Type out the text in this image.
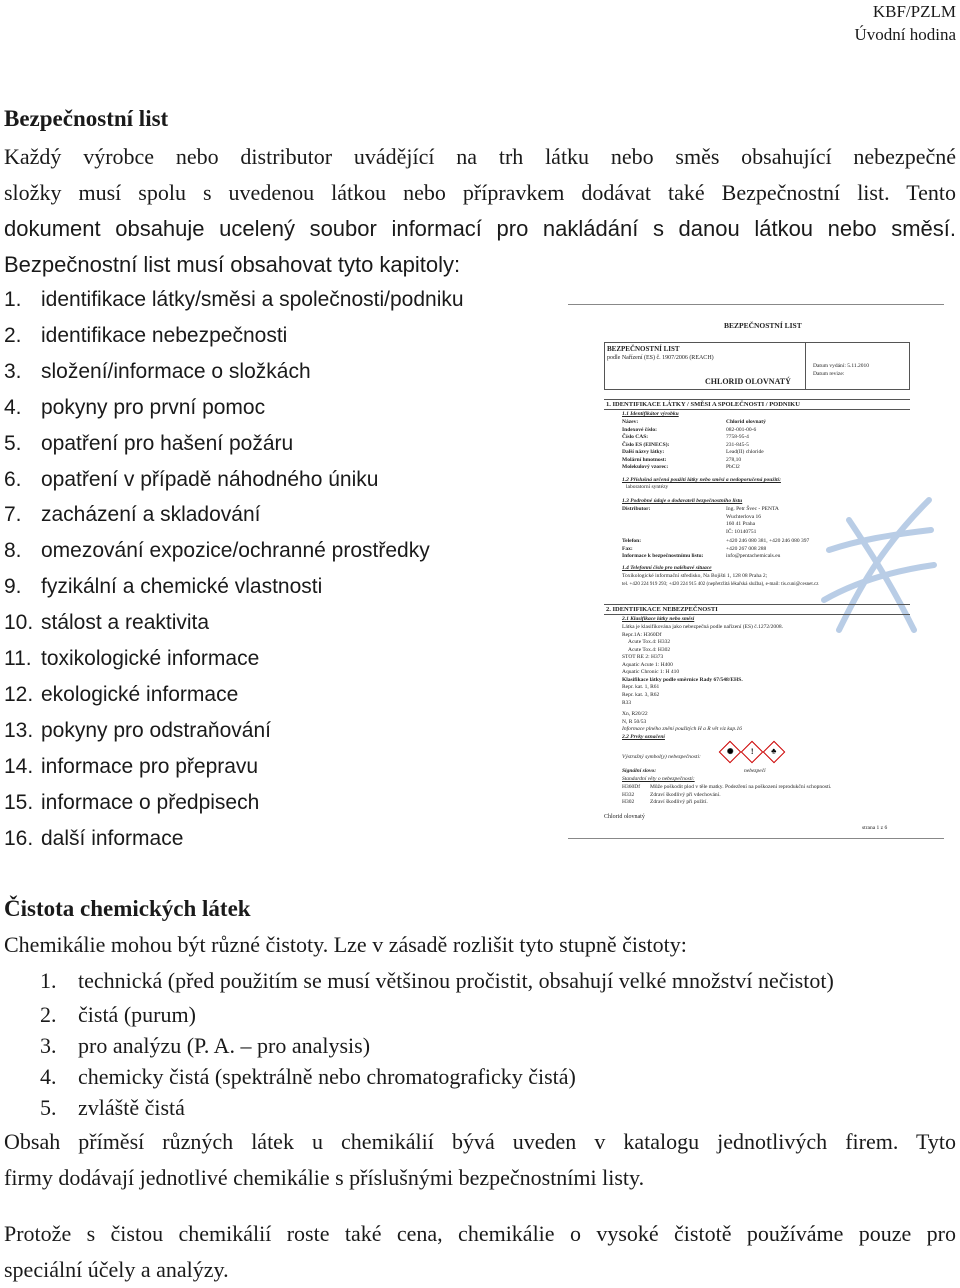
KBF/PZLM
Úvodní hodina
Bezpečnostní list
Každý výrobce nebo distributor uvádějící na trh látku nebo směs obsahující nebezpečné
složky musí spolu s uvedenou látkou nebo přípravkem dodávat také Bezpečnostní list. Tento
dokument obsahuje ucelený soubor informací pro nakládání s danou látkou nebo směsí.
Bezpečnostní list musí obsahovat tyto kapitoly:
1. identifikace látky/směsi a společnosti/podniku
2. identifikace nebezpečnosti
3. složení/informace o složkách
4. pokyny pro první pomoc
5. opatření pro hašení požáru
6. opatření v případě náhodného úniku
7. zacházení a skladování
8. omezování expozice/ochranné prostředky
9. fyzikální a chemické vlastnosti
10. stálost a reaktivita
11. toxikologické informace
12. ekologické informace
13. pokyny pro odstraňování
14. informace pro přepravu
15. informace o předpisech
16. další informace
BEZPEČNOSTNÍ LIST
BEZPEČNOSTNÍ LIST
podle Nařízení (ES) č. 1907/2006 (REACH)
Datum vydání: 5.11.2010
Datum revize:
CHLORID OLOVNATÝ
1. IDENTIFIKACE LÁTKY / SMĚSI A SPOLEČNOSTI / PODNIKU
1.1 Identifikátor výrobku
Název:	Chlorid olovnatý
Indexové číslo:	082-001-00-6
Číslo CAS:	7758-95-4
Číslo ES (EINECS):	231-845-5
Další názvy látky:	Lead(II) chloride
Molární hmotnost:	278,10
Molekulový vzorec:	PbCl2
1.2 Příslušná určená použití látky nebo směsi a nedoporučená použití:
laboratorní syntézy
1.3 Podrobné údaje o dodavateli bezpečnostního listu
Distributor:	Ing. Petr Švec - PENTA
Wuchterlova 16
160 41 Praha
IČ: 10140751
Telefon:	+420 246 080 381, +420 246 080 397
Fax:	+420 267 008 288
Informace k bezpečnostnímu listu:	info@pentachemicals.eu
1.4 Telefonní číslo pro naléhavé situace
Toxikologické informační středisko, Na Bojišti 1, 128 08 Praha 2;
tel. +420 224 919 293; +420 224 915 402 (nepřetržitá lékařská služba), e-mail: tis.cuni@cesnet.cz
2. IDENTIFIKACE NEBEZPEČNOSTI
2.1 Klasifikace látky nebo směsi
Látka je klasifikována jako nebezpečná podle nařízení (ES) č.1272/2008.
Repr.1A: H360Df
Acute Tox.4: H332
Acute Tox.4: H302
STOT RE 2: H373
Aquatic Acute 1: H400
Aquatic Chronic 1: H 410
Klasifikace látky podle směrnice Rady 67/548/EHS.
Repr. kat. 1, R61
Repr. kat. 3, R62
R33
Xn, R20/22
N, R 50/53
Informace plného znění použitých H a R vět viz kap.16
2.2 Prvky označení
Výstražný symbol(y) nebezpečnosti:
✺	!	♣
Signální slovo:	nebezpečí
Standardní věty o nebezpečnosti:
H360Df Může poškodit plod v těle matky. Podezření na poškození reprodukční schopnosti.
H332	Zdraví škodlivý při vdechování.
H302	Zdraví škodlivý při požití.
Chlorid olovnatý
strana 1 z 6
Čistota chemických látek
Chemikálie mohou být různé čistoty. Lze v zásadě rozlišit tyto stupně čistoty:
1. technická (před použitím se musí většinou pročistit, obsahují velké množství nečistot)
2. čistá (purum)
3. pro analýzu (P. A. – pro analysis)
4. chemicky čistá (spektrálně nebo chromatograficky čistá)
5. zvláště čistá
Obsah příměsí různých látek u chemikálií bývá uveden v katalogu jednotlivých firem. Tyto
firmy dodávají jednotlivé chemikálie s příslušnými bezpečnostními listy.
Protože s čistou chemikálií roste také cena, chemikálie o vysoké čistotě používáme pouze pro
speciální účely a analýzy.
